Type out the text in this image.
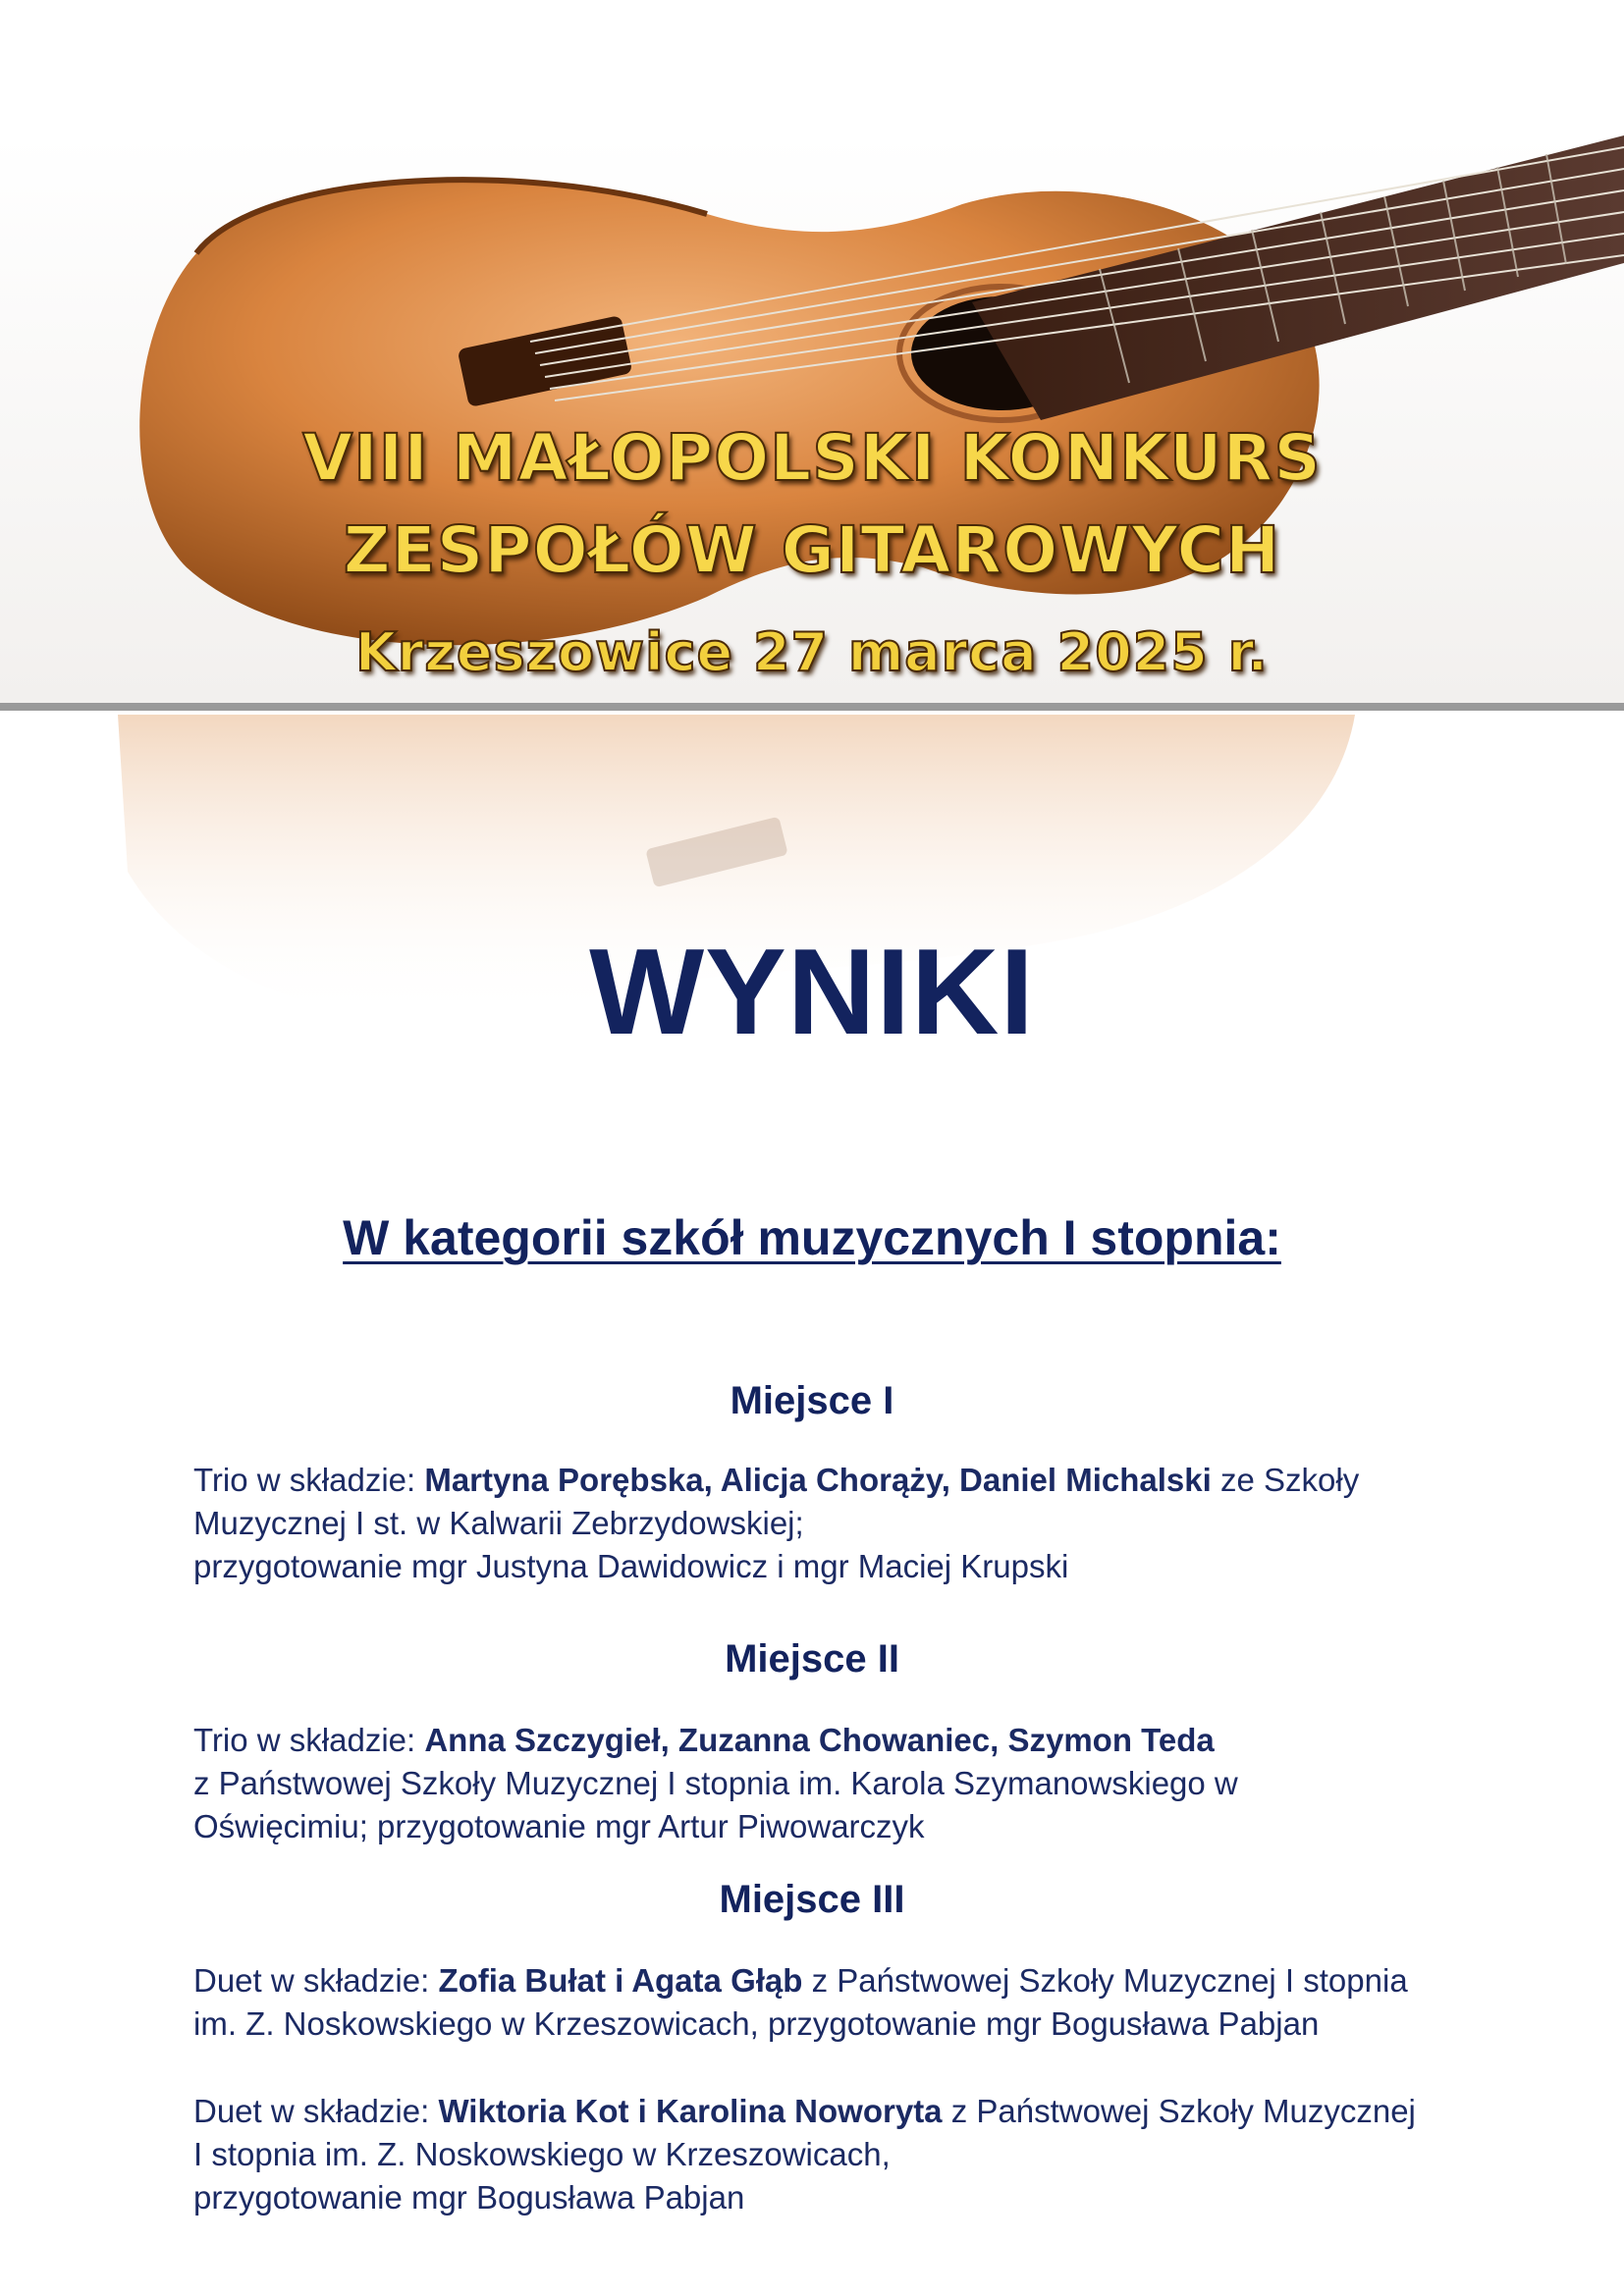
VIII MAŁOPOLSKI KONKURS
ZESPOŁÓW GITAROWYCH
Krzeszowice 27 marca 2025 r.
WYNIKI
W kategorii szkół muzycznych I stopnia:
Miejsce I
Trio w składzie: Martyna Porębska, Alicja Chorąży, Daniel Michalski ze Szkoły
Muzycznej I st. w Kalwarii Zebrzydowskiej;
przygotowanie mgr Justyna Dawidowicz i mgr Maciej Krupski
Miejsce II
Trio w składzie: Anna Szczygieł, Zuzanna Chowaniec, Szymon Teda
z Państwowej Szkoły Muzycznej I stopnia im. Karola Szymanowskiego w
Oświęcimiu; przygotowanie mgr Artur Piwowarczyk
Miejsce III
Duet w składzie: Zofia Bułat i Agata Głąb z Państwowej Szkoły Muzycznej I stopnia
im. Z. Noskowskiego w Krzeszowicach, przygotowanie mgr Bogusława Pabjan
Duet w składzie: Wiktoria Kot i Karolina Noworyta z Państwowej Szkoły Muzycznej
I stopnia im. Z. Noskowskiego w Krzeszowicach,
przygotowanie mgr Bogusława Pabjan
